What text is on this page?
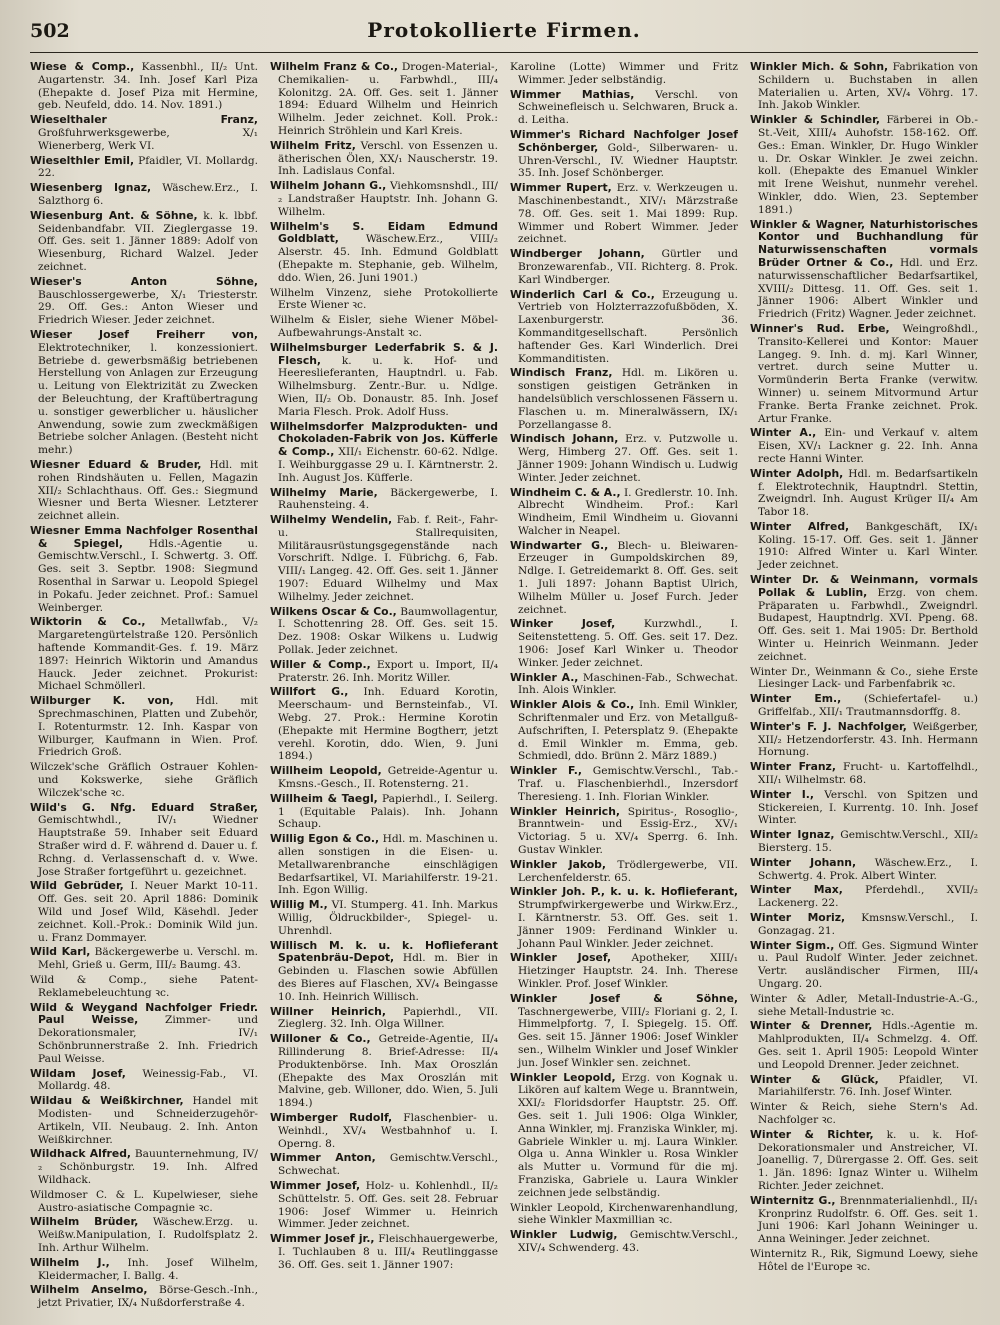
502	Protokollierte Firmen.

Wiese & Comp., Kassenbhl., II/₂ Unt. Augartenstr. 34. Inh. Josef Karl Piza (Ehepakte d. Josef Piza mit Hermine, geb. Neufeld, ddo. 14. Nov. 1891.)

Wieselthaler Franz, Großfuhrwerksgewerbe, X/₁ Wienerberg, Werk VI.

Wieselthler Emil, Pfaidler, VI. Mollardg. 22.

Wiesenberg Ignaz, Wäschew.Erz., I. Salzthorg 6.

Wiesenburg Ant. & Söhne, k. k. lbbf. Seidenbandfabr. VII. Zieglergasse 19. Off. Ges. seit 1. Jänner 1889: Adolf von Wiesenburg, Richard Walzel. Jeder zeichnet.

Wieser's Anton Söhne, Bauschlossergewerbe, X/₁ Triesterstr. 29. Off. Ges.: Anton Wieser und Friedrich Wieser. Jeder zeichnet.

Wieser Josef Freiherr von, Elektrotechniker, l. konzessioniert. Betriebe d. gewerbsmäßig betriebenen Herstellung von Anlagen zur Erzeugung u. Leitung von Elektrizität zu Zwecken der Beleuchtung, der Kraftübertragung u. sonstiger gewerblicher u. häuslicher Anwendung, sowie zum zweckmäßigen Betriebe solcher Anlagen. (Besteht nicht mehr.)

Wiesner Eduard & Bruder, Hdl. mit rohen Rindshäuten u. Fellen, Magazin XII/₂ Schlachthaus. Off. Ges.: Siegmund Wiesner und Berta Wiesner. Letzterer zeichnet allein.

Wiesner Emma Nachfolger Rosenthal & Spiegel, Hdls.-Agentie u. Gemischtw.Verschl., I. Schwertg. 3. Off. Ges. seit 3. Septbr. 1908: Siegmund Rosenthal in Sarwar u. Leopold Spiegel in Pokafu. Jeder zeichnet. Prof.: Samuel Weinberger.

Wiktorin & Co., Metallwfab., V/₂ Margaretengürtelstraße 120. Persönlich haftende Kommandit-Ges. f. 19. März 1897: Heinrich Wiktorin und Amandus Hauck. Jeder zeichnet. Prokurist: Michael Schmöllerl.

Wilburger K. von, Hdl. mit Sprechmaschinen, Platten und Zubehör, I. Rotenturmstr. 12. Inh. Kaspar von Wilburger, Kaufmann in Wien. Prof. Friedrich Groß.

Wilczek'sche Gräflich Ostrauer Kohlen- und Kokswerke, siehe Gräflich Wilczek'sche ꝛc.

Wild's G. Nfg. Eduard Straßer, Gemischtwhdl., IV/₁ Wiedner Hauptstraße 59. Inhaber seit Eduard Straßer wird d. F. während d. Dauer u. f. Rchng. d. Verlassenschaft d. v. Wwe. Jose Straßer fortgeführt u. gezeichnet.

Wild Gebrüder, I. Neuer Markt 10-11. Off. Ges. seit 20. April 1886: Dominik Wild und Josef Wild, Käsehdl. Jeder zeichnet. Koll.-Prok.: Dominik Wild jun. u. Franz Dommayer.

Wild Karl, Bäckergewerbe u. Verschl. m. Mehl, Grieß u. Germ, III/₂ Baumg. 43.

Wild & Comp., siehe Patent-Reklamebeleuchtung ꝛc.

Wild & Weygand Nachfolger Friedr. Paul Weisse, Zimmer- und Dekorationsmaler, IV/₁ Schönbrunnerstraße 2. Inh. Friedrich Paul Weisse.

Wildam Josef, Weinessig-Fab., VI. Mollardg. 48.

Wildau & Weißkirchner, Handel mit Modisten- und Schneiderzugehör-Artikeln, VII. Neubaug. 2. Inh. Anton Weißkirchner.

Wildhack Alfred, Bauunternehmung, IV/₂ Schönburgstr. 19. Inh. Alfred Wildhack.

Wildmoser C. & L. Kupelwieser, siehe Austro-asiatische Compagnie ꝛc.

Wilhelm Brüder, Wäschew.Erzg. u. Weißw.Manipulation, I. Rudolfsplatz 2. Inh. Arthur Wilhelm.

Wilhelm J., Inh. Josef Wilhelm, Kleidermacher, I. Ballg. 4.

Wilhelm Anselmo, Börse-Gesch.-Inh., jetzt Privatier, IX/₄ Nußdorferstraße 4.

Wilhelm Franz & Co., Drogen-Material-, Chemikalien- u. Farbwhdl., III/₄ Kolonitzg. 2A. Off. Ges. seit 1. Jänner 1894: Eduard Wilhelm und Heinrich Wilhelm. Jeder zeichnet. Koll. Prok.: Heinrich Ströhlein und Karl Kreis.

Wilhelm Fritz, Verschl. von Essenzen u. ätherischen Ölen, XX/₁ Nauscherstr. 19. Inh. Ladislaus Confal.

Wilhelm Johann G., Viehkomsnshdl., III/₂ Landstraßer Hauptstr. Inh. Johann G. Wilhelm.

Wilhelm's S. Eidam Edmund Goldblatt, Wäschew.Erz., VIII/₂ Alserstr. 45. Inh. Edmund Goldblatt (Ehepakte m. Stephanie, geb. Wilhelm, ddo. Wien, 26. Juni 1901.)

Wilhelm Vinzenz, siehe Protokollierte Erste Wiener ꝛc.

Wilhelm & Eisler, siehe Wiener Möbel-Aufbewahrungs-Anstalt ꝛc.

Wilhelmsburger Lederfabrik S. & J. Flesch, k. u. k. Hof- und Heereslieferanten, Hauptndrl. u. Fab. Wilhelmsburg. Zentr.-Bur. u. Ndlge. Wien, II/₂ Ob. Donaustr. 85. Inh. Josef Maria Flesch. Prok. Adolf Huss.

Wilhelmsdorfer Malzprodukten- und Chokoladen-Fabrik von Jos. Küfferle & Comp., XII/₁ Eichenstr. 60-62. Ndlge. I. Weihburggasse 29 u. I. Kärntnerstr. 2. Inh. August Jos. Küfferle.

Wilhelmy Marie, Bäckergewerbe, I. Rauhensteing. 4.

Wilhelmy Wendelin, Fab. f. Reit-, Fahr- u. Stallrequisiten, Militärausrüstungsgegenstände nach Vorschrift. Ndlge. I. Fübrichg. 6, Fab. VIII/₁ Langeg. 42. Off. Ges. seit 1. Jänner 1907: Eduard Wilhelmy und Max Wilhelmy. Jeder zeichnet.

Wilkens Oscar & Co., Baumwollagentur, I. Schottenring 28. Off. Ges. seit 15. Dez. 1908: Oskar Wilkens u. Ludwig Pollak. Jeder zeichnet.

Willer & Comp., Export u. Import, II/₄ Praterstr. 26. Inh. Moritz Willer.

Willfort G., Inh. Eduard Korotin, Meerschaum- und Bernsteinfab., VI. Webg. 27. Prok.: Hermine Korotin (Ehepakte mit Hermine Bogtherr, jetzt verehl. Korotin, ddo. Wien, 9. Juni 1894.)

Willheim Leopold, Getreide-Agentur u. Kmsns.-Gesch., II. Rotensterng. 21.

Willheim & Taegl, Papierhdl., I. Seilerg. 1 (Equitable Palais). Inh. Johann Schaup.

Willig Egon & Co., Hdl. m. Maschinen u. allen sonstigen in die Eisen- u. Metallwarenbranche einschlägigen Bedarfsartikel, VI. Mariahilferstr. 19-21. Inh. Egon Willig.

Willig M., VI. Stumperg. 41. Inh. Markus Willig, Öldruckbilder-, Spiegel- u. Uhrenhdl.

Willisch M. k. u. k. Hoflieferant Spatenbräu-Depot, Hdl. m. Bier in Gebinden u. Flaschen sowie Abfüllen des Bieres auf Flaschen, XV/₄ Beingasse 10. Inh. Heinrich Willisch.

Willner Heinrich, Papierhdl., VII. Zieglerg. 32. Inh. Olga Willner.

Willoner & Co., Getreide-Agentie, II/₄ Rillinderung 8. Brief-Adresse: II/₄ Produktenbörse. Inh. Max Oroszlán (Ehepakte des Max Oroszlán mit Malvine, geb. Willoner, ddo. Wien, 5. Juli 1894.)

Wimberger Rudolf, Flaschenbier- u. Weinhdl., XV/₄ Westbahnhof u. I. Operng. 8.

Wimmer Anton, Gemischtw.Verschl., Schwechat.

Wimmer Josef, Holz- u. Kohlenhdl., II/₂ Schüttelstr. 5. Off. Ges. seit 28. Februar 1906: Josef Wimmer u. Heinrich Wimmer. Jeder zeichnet.

Wimmer Josef jr., Fleischhauergewerbe, I. Tuchlauben 8 u. III/₄ Reutlinggasse 36. Off. Ges. seit 1. Jänner 1907:

Karoline (Lotte) Wimmer und Fritz Wimmer. Jeder selbständig.

Wimmer Mathias, Verschl. von Schweinefleisch u. Selchwaren, Bruck a. d. Leitha.

Wimmer's Richard Nachfolger Josef Schönberger, Gold-, Silberwaren- u. Uhren-Verschl., IV. Wiedner Hauptstr. 35. Inh. Josef Schönberger.

Wimmer Rupert, Erz. v. Werkzeugen u. Maschinenbestandt., XIV/₁ Märzstraße 78. Off. Ges. seit 1. Mai 1899: Rup. Wimmer und Robert Wimmer. Jeder zeichnet.

Windberger Johann, Gürtler und Bronzewarenfab., VII. Richterg. 8. Prok. Karl Windberger.

Winderlich Carl & Co., Erzeugung u. Vertrieb von Holzterrazzofußböden, X. Laxenburgerstr. 36. Kommanditgesellschaft. Persönlich haftender Ges. Karl Winderlich. Drei Kommanditisten.

Windisch Franz, Hdl. m. Likören u. sonstigen geistigen Getränken in handelsüblich verschlossenen Fässern u. Flaschen u. m. Mineralwässern, IX/₁ Porzellangasse 8.

Windisch Johann, Erz. v. Putzwolle u. Werg, Himberg 27. Off. Ges. seit 1. Jänner 1909: Johann Windisch u. Ludwig Winter. Jeder zeichnet.

Windheim C. & A., I. Gredlerstr. 10. Inh. Albrecht Windheim. Prof.: Karl Windheim, Emil Windheim u. Giovanni Walcher in Neapel.

Windwarter G., Blech- u. Bleiwaren-Erzeuger in Gumpoldskirchen 89, Ndlge. I. Getreidemarkt 8. Off. Ges. seit 1. Juli 1897: Johann Baptist Ulrich, Wilhelm Müller u. Josef Furch. Jeder zeichnet.

Winker Josef, Kurzwhdl., I. Seitenstetteng. 5. Off. Ges. seit 17. Dez. 1906: Josef Karl Winker u. Theodor Winker. Jeder zeichnet.

Winkler A., Maschinen-Fab., Schwechat. Inh. Alois Winkler.

Winkler Alois & Co., Inh. Emil Winkler, Schriftenmaler und Erz. von Metallguß-Aufschriften, I. Petersplatz 9. (Ehepakte d. Emil Winkler m. Emma, geb. Schmiedl, ddo. Brünn 2. März 1889.)

Winkler F., Gemischtw.Verschl., Tab.-Traf. u. Flaschenbierhdl., Inzersdorf Theresieng. 1. Inh. Florian Winkler.

Winkler Heinrich, Spiritus-, Rosoglio-, Branntwein- und Essig-Erz., XV/₁ Victoriag. 5 u. XV/₄ Sperrg. 6. Inh. Gustav Winkler.

Winkler Jakob, Trödlergewerbe, VII. Lerchenfelderstr. 65.

Winkler Joh. P., k. u. k. Hoflieferant, Strumpfwirkergewerbe und Wirkw.Erz., I. Kärntnerstr. 53. Off. Ges. seit 1. Jänner 1909: Ferdinand Winkler u. Johann Paul Winkler. Jeder zeichnet.

Winkler Josef, Apotheker, XIII/₁ Hietzinger Hauptstr. 24. Inh. Therese Winkler. Prof. Josef Winkler.

Winkler Josef & Söhne, Taschnergewerbe, VIII/₂ Floriani g. 2, I. Himmelpfortg. 7, I. Spiegelg. 15. Off. Ges. seit 15. Jänner 1906: Josef Winkler sen., Wilhelm Winkler und Josef Winkler jun. Josef Winkler sen. zeichnet.

Winkler Leopold, Erzg. von Kognak u. Likören auf kaltem Wege u. Branntwein, XXI/₂ Floridsdorfer Hauptstr. 25. Off. Ges. seit 1. Juli 1906: Olga Winkler, Anna Winkler, mj. Franziska Winkler, mj. Gabriele Winkler u. mj. Laura Winkler. Olga u. Anna Winkler u. Rosa Winkler als Mutter u. Vormund für die mj. Franziska, Gabriele u. Laura Winkler zeichnen jede selbständig.

Winkler Leopold, Kirchenwarenhandlung, siehe Winkler Maxmillian ꝛc.

Winkler Ludwig, Gemischtw.Verschl., XIV/₄ Schwenderg. 43.

Winkler Mich. & Sohn, Fabrikation von Schildern u. Buchstaben in allen Materialien u. Arten, XV/₄ Vöhrg. 17. Inh. Jakob Winkler.

Winkler & Schindler, Färberei in Ob.-St.-Veit, XIII/₄ Auhofstr. 158-162. Off. Ges.: Eman. Winkler, Dr. Hugo Winkler u. Dr. Oskar Winkler. Je zwei zeichn. koll. (Ehepakte des Emanuel Winkler mit Irene Weishut, nunmehr verehel. Winkler, ddo. Wien, 23. September 1891.)

Winkler & Wagner, Naturhistorisches Kontor und Buchhandlung für Naturwissenschaften vormals Brüder Ortner & Co., Hdl. und Erz. naturwissenschaftlicher Bedarfsartikel, XVIII/₂ Dittesg. 11. Off. Ges. seit 1. Jänner 1906: Albert Winkler und Friedrich (Fritz) Wagner. Jeder zeichnet.

Winner's Rud. Erbe, Weingroßhdl., Transito-Kellerei und Kontor: Mauer Langeg. 9. Inh. d. mj. Karl Winner, vertret. durch seine Mutter u. Vormünderin Berta Franke (verwitw. Winner) u. seinem Mitvormund Artur Franke. Berta Franke zeichnet. Prok. Artur Franke.

Winter A., Ein- und Verkauf v. altem Eisen, XV/₁ Lackner g. 22. Inh. Anna recte Hanni Winter.

Winter Adolph, Hdl. m. Bedarfsartikeln f. Elektrotechnik, Hauptndrl. Stettin, Zweigndrl. Inh. August Krüger II/₄ Am Tabor 18.

Winter Alfred, Bankgeschäft, IX/₁ Koling. 15-17. Off. Ges. seit 1. Jänner 1910: Alfred Winter u. Karl Winter. Jeder zeichnet.

Winter Dr. & Weinmann, vormals Pollak & Lublin, Erzg. von chem. Präparaten u. Farbwhdl., Zweigndrl. Budapest, Hauptndrlg. XVI. Ppeng. 68. Off. Ges. seit 1. Mai 1905: Dr. Berthold Winter u. Heinrich Weinmann. Jeder zeichnet.

Winter Dr., Weinmann & Co., siehe Erste Liesinger Lack- und Farbenfabrik ꝛc.

Winter Em., (Schiefertafel- u.) Griffelfab., XII/₁ Trautmannsdorffg. 8.

Winter's F. J. Nachfolger, Weißgerber, XII/₂ Hetzendorferstr. 43. Inh. Hermann Hornung.

Winter Franz, Frucht- u. Kartoffelhdl., XII/₁ Wilhelmstr. 68.

Winter I., Verschl. von Spitzen und Stickereien, I. Kurrentg. 10. Inh. Josef Winter.

Winter Ignaz, Gemischtw.Verschl., XII/₂ Biersterg. 15.

Winter Johann, Wäschew.Erz., I. Schwertg. 4. Prok. Albert Winter.

Winter Max, Pferdehdl., XVII/₂ Lackenerg. 22.

Winter Moriz, Kmsnsw.Verschl., I. Gonzagag. 21.

Winter Sigm., Off. Ges. Sigmund Winter u. Paul Rudolf Winter. Jeder zeichnet. Vertr. ausländischer Firmen, III/₄ Ungarg. 20.

Winter & Adler, Metall-Industrie-A.-G., siehe Metall-Industrie ꝛc.

Winter & Drenner, Hdls.-Agentie m. Mahlprodukten, II/₄ Schmelzg. 4. Off. Ges. seit 1. April 1905: Leopold Winter und Leopold Drenner. Jeder zeichnet.

Winter & Glück, Pfaidler, VI. Mariahilferstr. 76. Inh. Josef Winter.

Winter & Reich, siehe Stern's Ad. Nachfolger ꝛc.

Winter & Richter, k. u. k. Hof-Dekorationsmaler und Anstreicher, VI. Joanellig. 7, Dürergasse 2. Off. Ges. seit 1. Jän. 1896: Ignaz Winter u. Wilhelm Richter. Jeder zeichnet.

Winternitz G., Brennmaterialienhdl., II/₁ Kronprinz Rudolfstr. 6. Off. Ges. seit 1. Juni 1906: Karl Johann Weininger u. Anna Weininger. Jeder zeichnet.

Winternitz R., Rik, Sigmund Loewy, siehe Hôtel de l'Europe ꝛc.
